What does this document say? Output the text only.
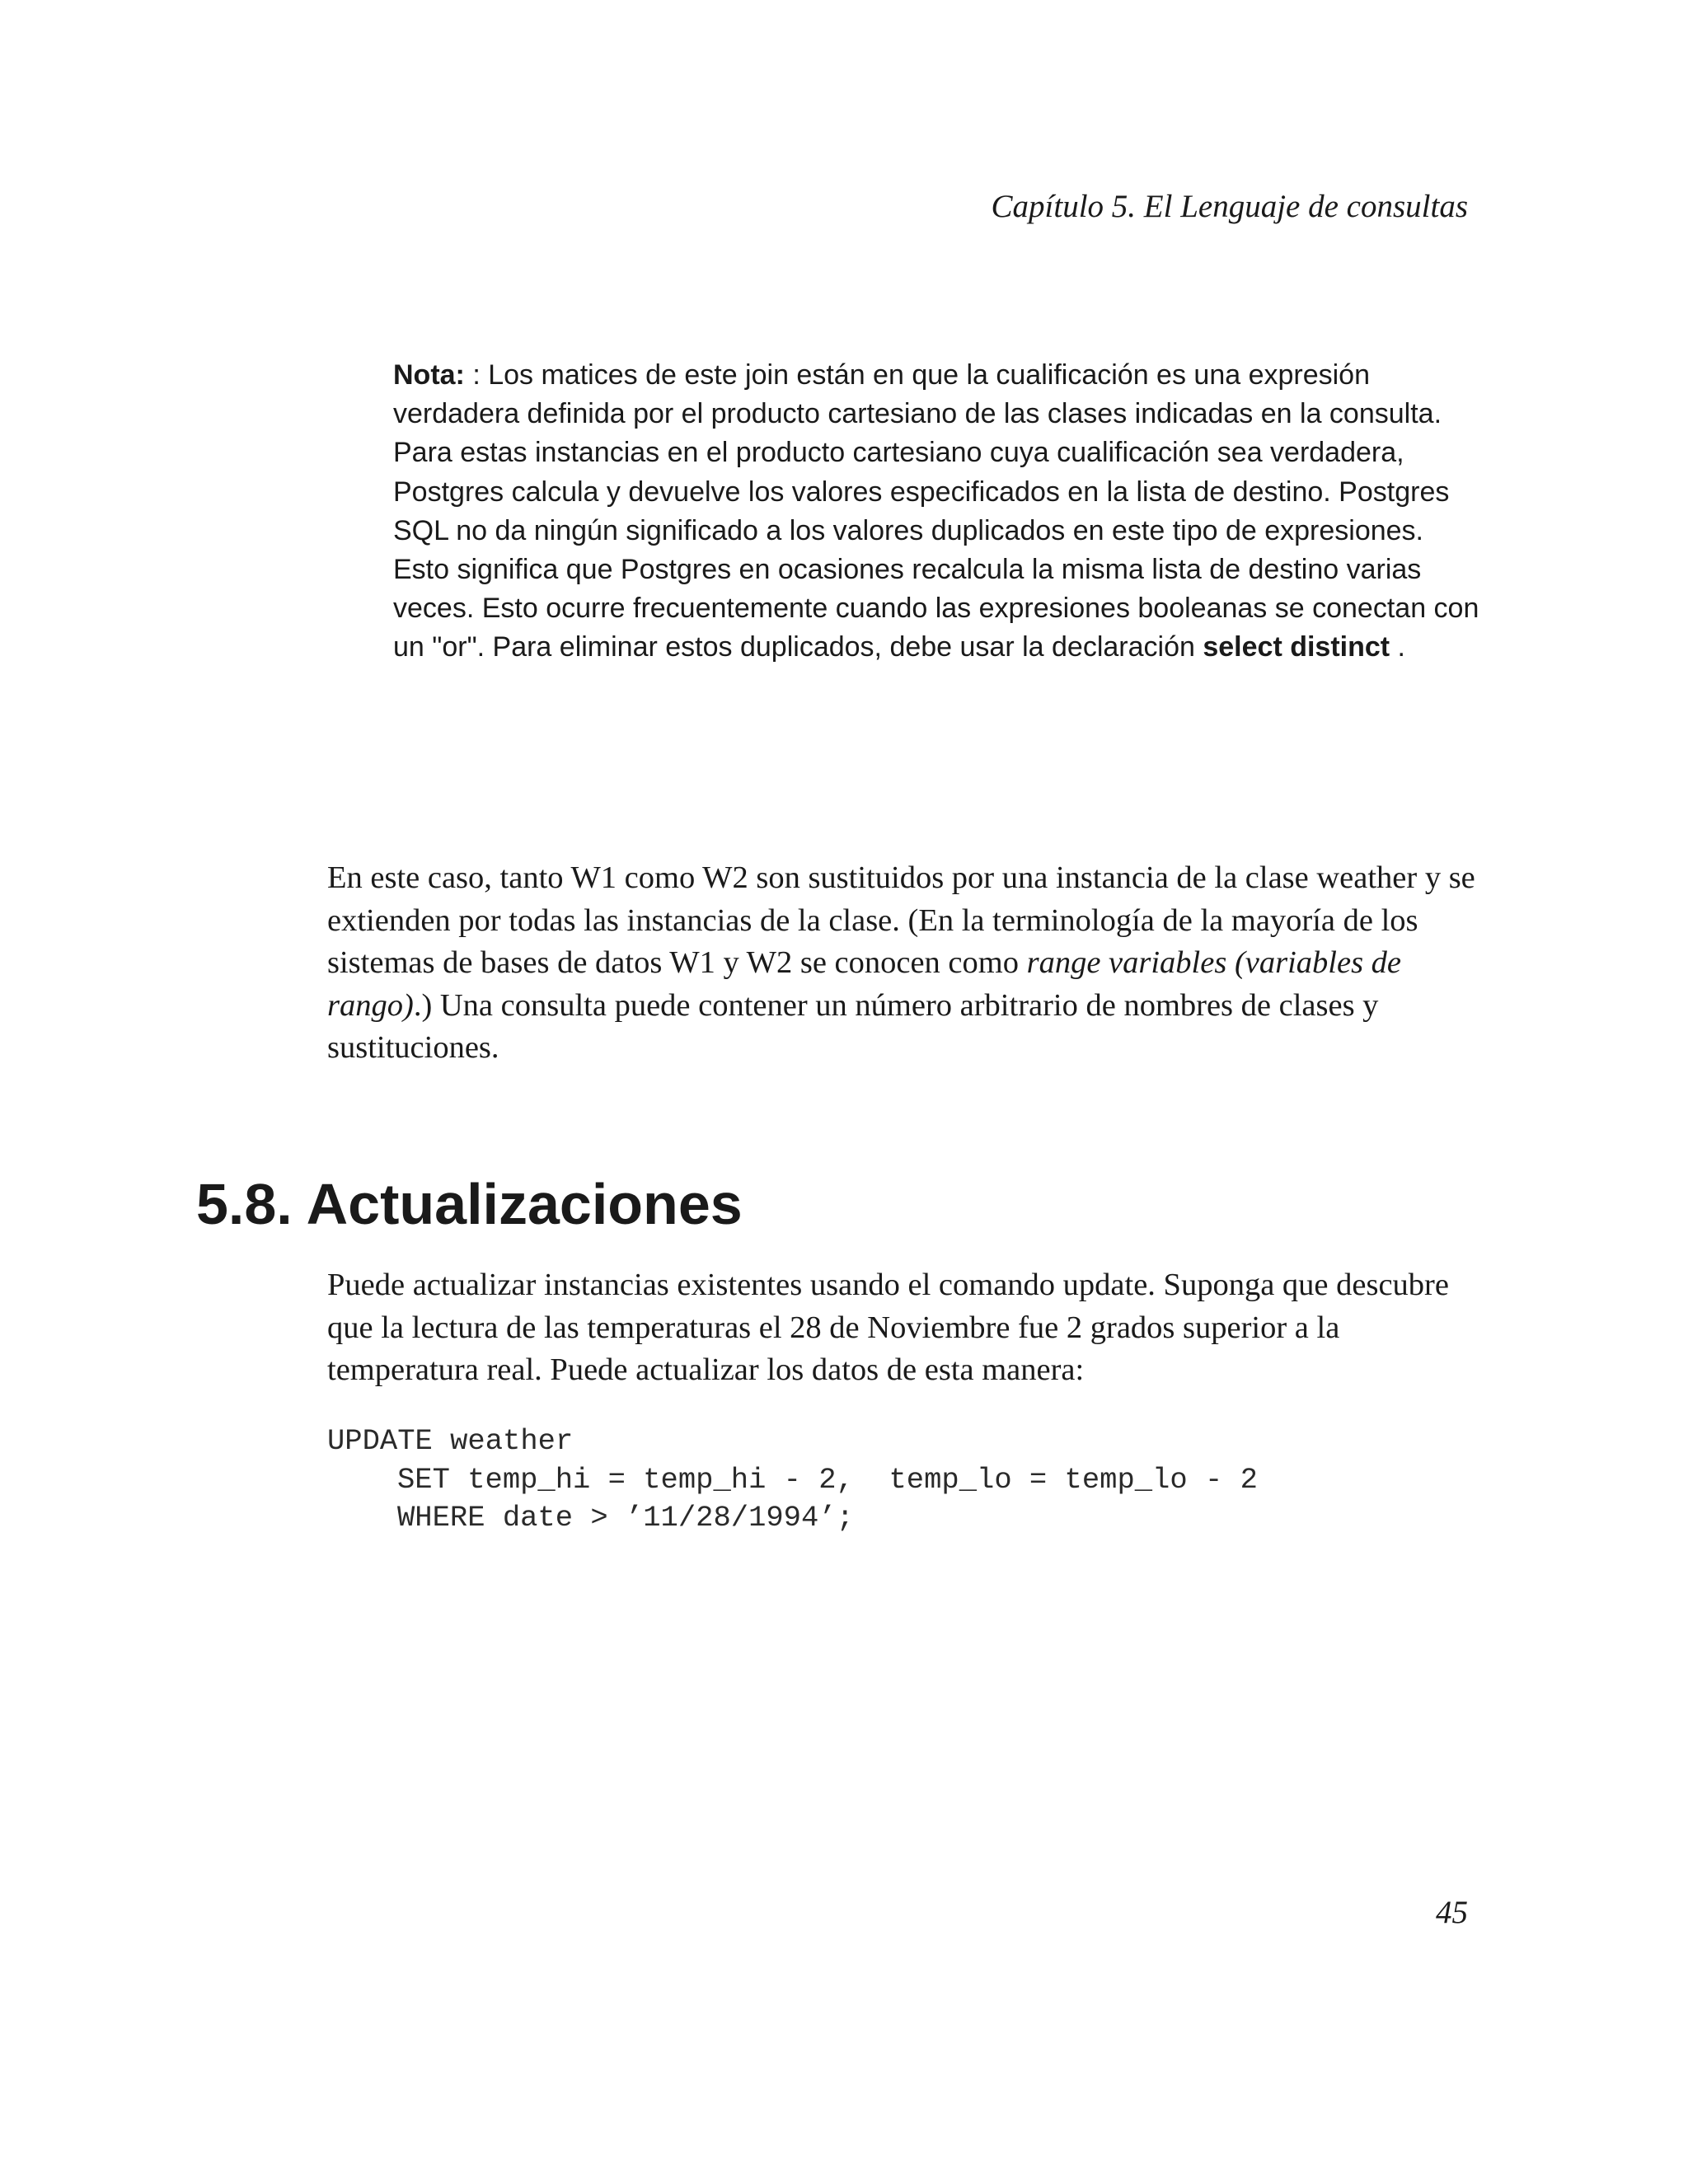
Capítulo 5. El Lenguaje de consultas

Nota: : Los matices de este join están en que la cualificación es una expresión verdadera definida por el producto cartesiano de las clases indicadas en la consulta. Para estas instancias en el producto cartesiano cuya cualificación sea verdadera, Postgres calcula y devuelve los valores especificados en la lista de destino. Postgres SQL no da ningún significado a los valores duplicados en este tipo de expresiones. Esto significa que Postgres en ocasiones recalcula la misma lista de destino varias veces. Esto ocurre frecuentemente cuando las expresiones booleanas se conectan con un "or". Para eliminar estos duplicados, debe usar la declaración select distinct .

En este caso, tanto W1 como W2 son sustituidos por una instancia de la clase weather y se extienden por todas las instancias de la clase. (En la terminología de la mayoría de los sistemas de bases de datos W1 y W2 se conocen como range variables (variables de rango).) Una consulta puede contener un número arbitrario de nombres de clases y sustituciones.

5.8. Actualizaciones

Puede actualizar instancias existentes usando el comando update. Suponga que descubre que la lectura de las temperaturas el 28 de Noviembre fue 2 grados superior a la temperatura real. Puede actualizar los datos de esta manera:

UPDATE weather
SET temp_hi = temp_hi - 2,  temp_lo = temp_lo - 2
WHERE date > ’11/28/1994’;
45
